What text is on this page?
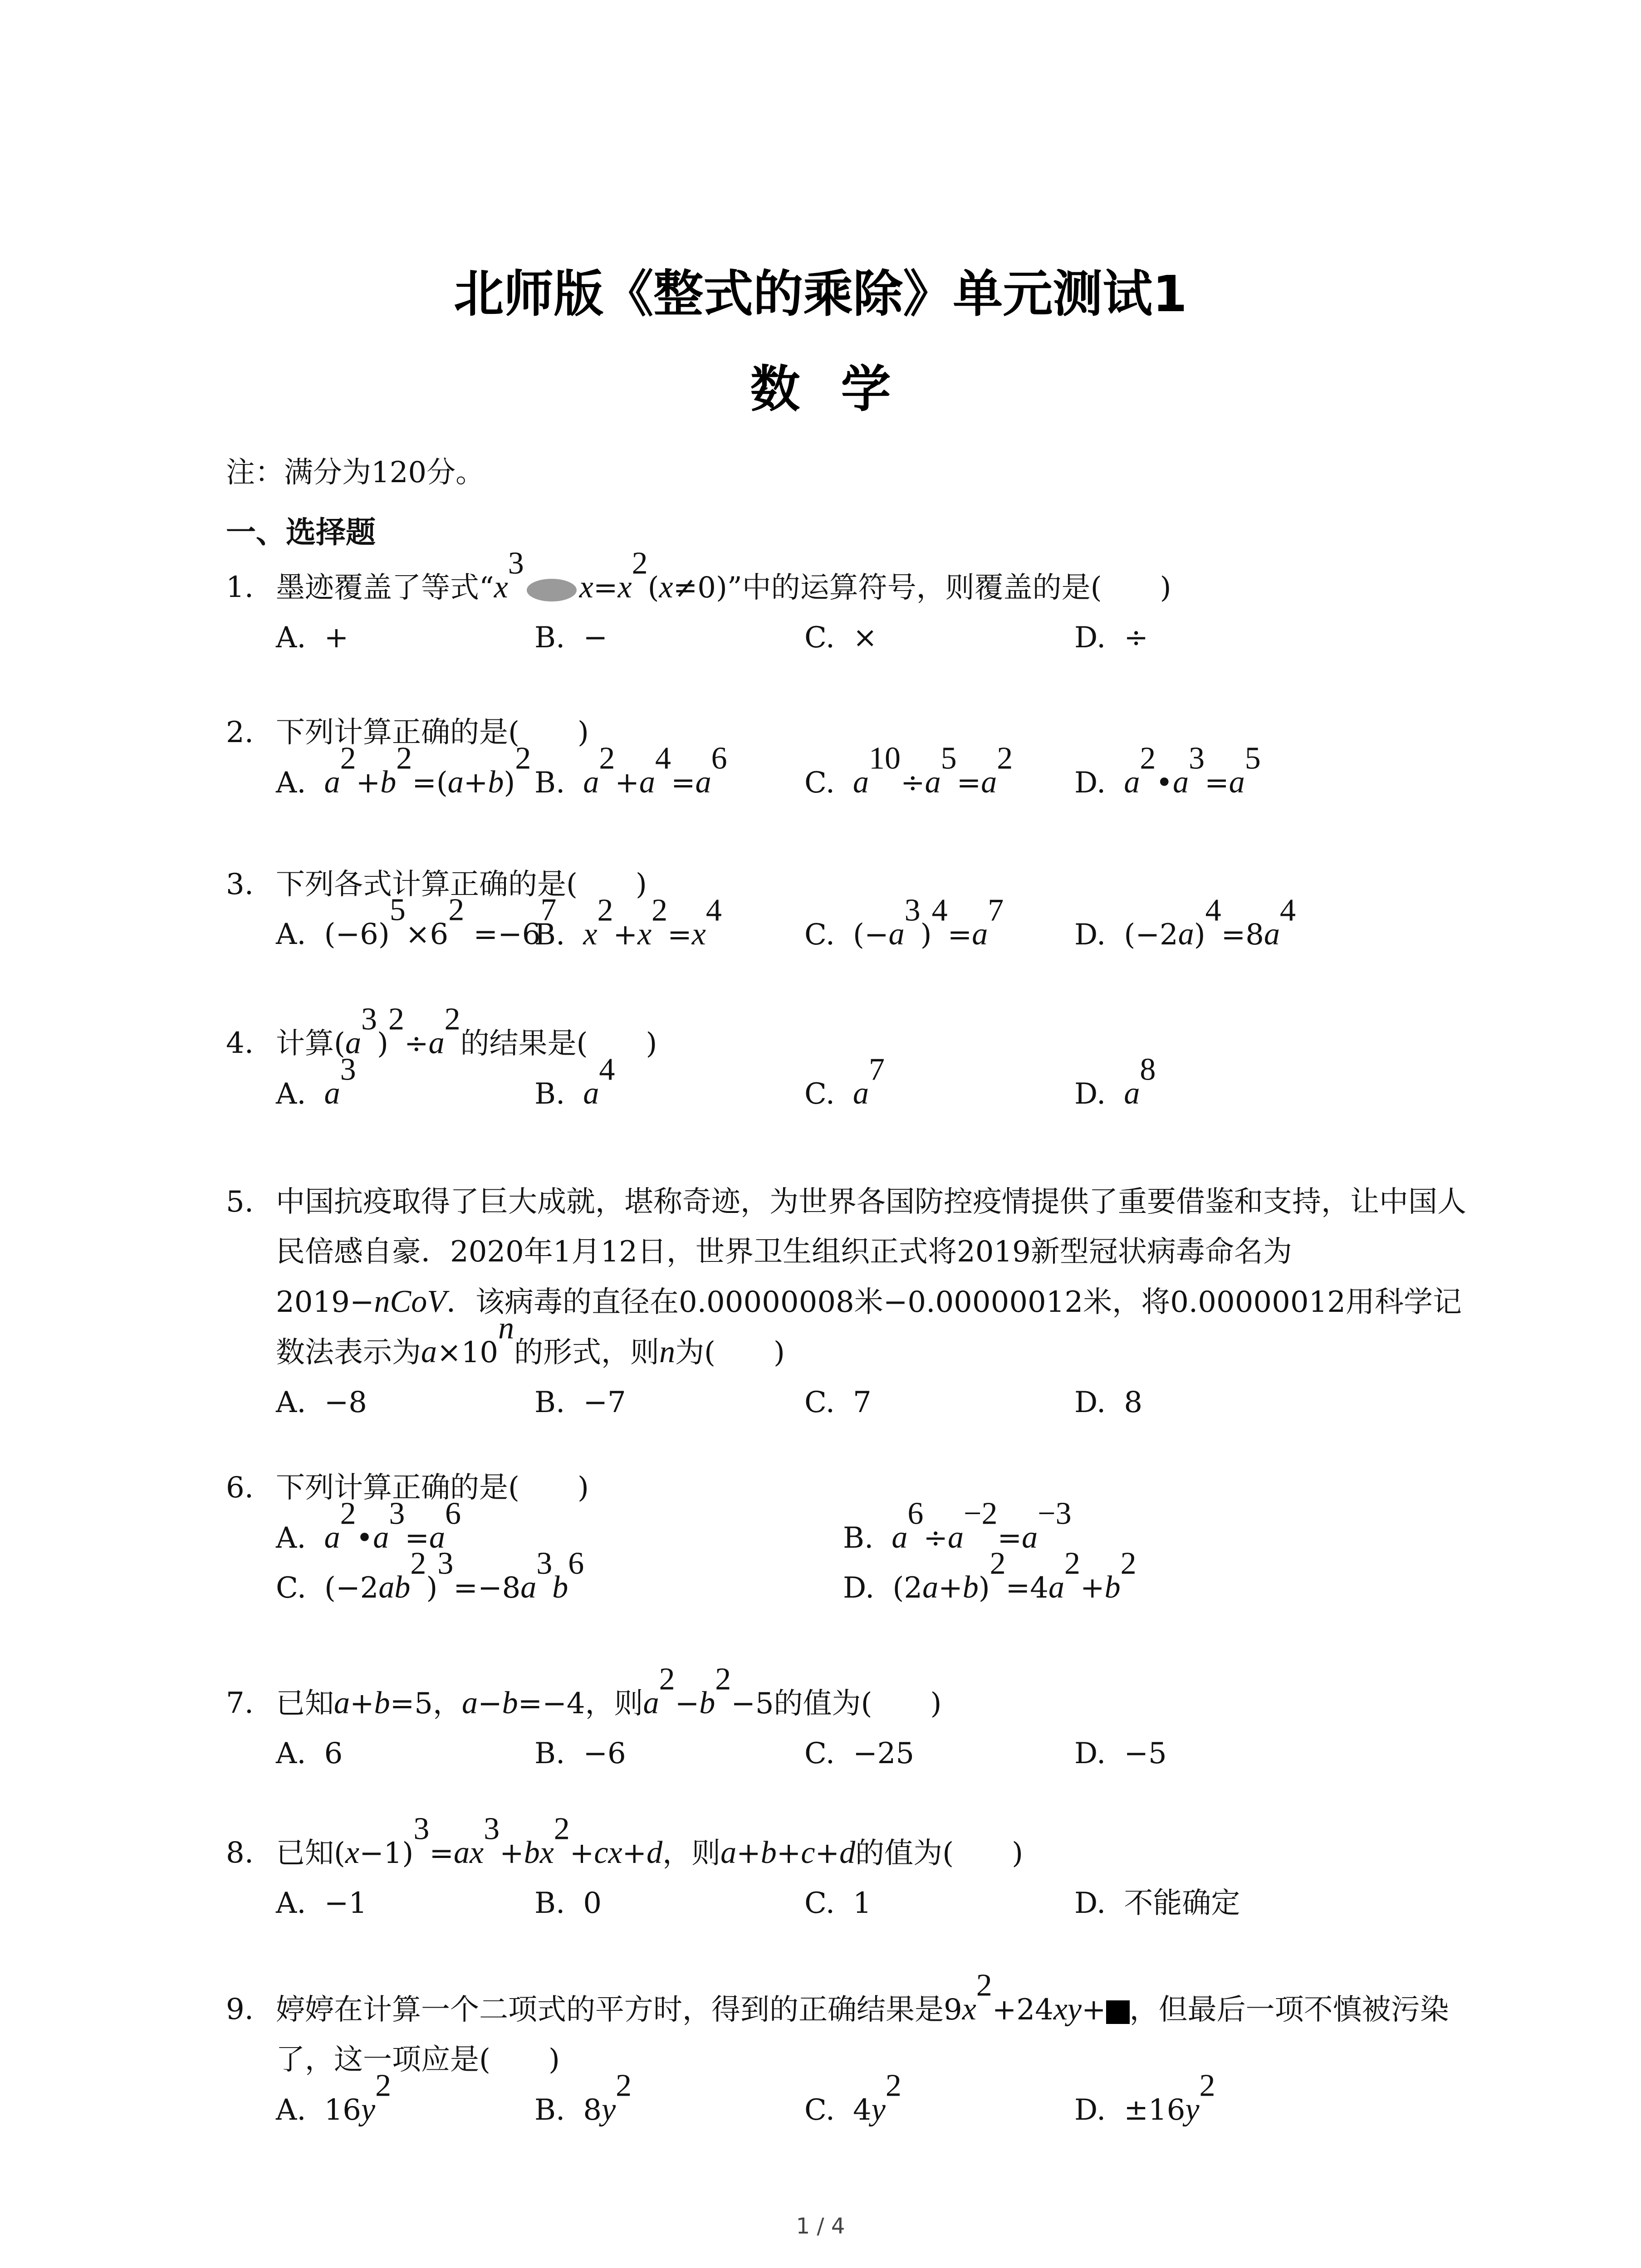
北师版《整式的乘除》单元测试1
数学
注：满分为120分。
一、选择题
1. 墨迹覆盖了等式“$x^3x=x^2(x\ne 0)$”中的运算符号，则覆盖的是(　　)
A. +	B. −	C. ×	D. ÷
2. 下列计算正确的是(　　)
A. $a^2+b^2=(a+b)^2$
B. $a^2+a^4=a^6$
C. $a^{10}\div a^5=a^2$
D. $a^2•a^3=a^5$
3. 下列各式计算正确的是(　　)
A. $(-6)^5\times 6^2 =-6^7$
B. $x^2+x^2=x^4$
C. $(-a^3)^4=a^7$
D. $(-2a)^4=8a^4$
4. 计算$(a^3)^2\div a^2$的结果是(　　)
A. $a^3$
B. $a^4$
C. $a^7$
D. $a^8$
5. 中国抗疫取得了巨大成就，堪称奇迹，为世界各国防控疫情提供了重要借鉴和支持，让中国人民倍感自豪．2020年1月12日，世界卫生组织正式将2019新型冠状病毒命名为2019−nCoV．该病毒的直径在0.00000008米−0.00000012米，将0.00000012用科学记数法表示为$a\times 10^n$的形式，则n为(　　)
A. −8	B. −7	C. 7	D. 8
6. 下列计算正确的是(　　)
A. $a^2•a^3=a^6$
B. $a^6\div a^{-2}=a^{-3}$
C. $(-2ab^2)^3=-8a^3b^6$
D. $(2a+b)^2=4a^2+b^2$
7. 已知a+b=5，a−b=−4，则$a^2-b^2-5$的值为(　　)
A. 6	B. −6	C. −25	D. −5
8. 已知$(x-1)^3=ax^3+bx^2+cx+d$，则a+b+c+d的值为(　　)
A. −1	B. 0	C. 1	D. 不能确定
9. 婷婷在计算一个二项式的平方时，得到的正确结果是$9x^2+24xy+$ ，但最后一项不慎被污染了，这一项应是(　　)
A. $16y^2$
B. $8y^2$
C. $4y^2$
D. $\pm 16y^2$
1 / 4
